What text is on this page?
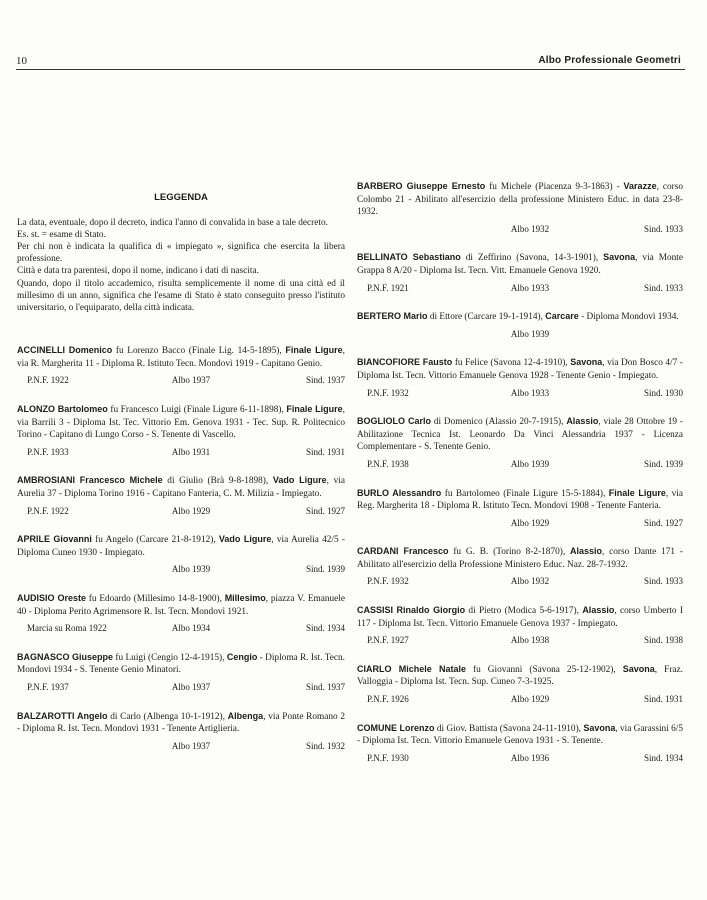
10	Albo Professionale Geometri
LEGGENDA
La data, eventuale, dopo il decreto, indica l'anno di convalida in base a tale decreto.
Es. st. = esame di Stato.
Per chi non è indicata la qualifica di « impiegato », significa che esercita la libera professione.
Città e data tra parentesi, dopo il nome, indicano i dati di nascita.
Quando, dopo il titolo accademico, risulta semplicemente il nome di una città ed il millesimo di un anno, significa che l'esame di Stato è stato conseguito presso l'istituto universitario, o l'equiparato, della città indicata.

ACCINELLI Domenico fu Lorenzo Bacco (Finale Lig. 14-5-1895), Finale Ligure, via R. Margherita 11 - Diploma R. Istituto Tecn. Mondovì 1919 - Capitano Genio.

P.N.F. 1922	Albo 1937	Sind. 1937

ALONZO Bartolomeo fu Francesco Luigi (Finale Ligure 6-11-1898), Finale Ligure, via Barrili 3 - Diploma Ist. Tec. Vittorio Em. Genova 1931 - Tec. Sup. R. Politecnico Torino - Capitano di Lungo Corso - S. Tenente di Vascello.

P.N.F. 1933	Albo 1931	Sind. 1931

AMBROSIANI Francesco Michele di Giulio (Brà 9-8-1898), Vado Ligure, via Aurelia 37 - Diploma Torino 1916 - Capitano Fanteria, C. M. Milizia - Impiegato.

P.N.F. 1922	Albo 1929	Sind. 1927

APRILE Giovanni fu Angelo (Carcare 21-8-1912), Vado Ligure, via Aurelia 42/5 - Diploma Cuneo 1930 - Impiegato.

Albo 1939	Sind. 1939

AUDISIO Oreste fu Edoardo (Millesimo 14-8-1900), Millesimo, piazza V. Emanuele 40 - Diploma Perito Agrimensore R. Ist. Tecn. Mondovì 1921.

Marcia su Roma 1922	Albo 1934	Sind. 1934

BAGNASCO Giuseppe fu Luigi (Cengio 12-4-1915), Cengio - Diploma R. Ist. Tecn. Mondovì 1934 - S. Tenente Genio Minatori.

P.N.F. 1937	Albo 1937	Sind. 1937

BALZAROTTI Angelo di Carlo (Albenga 10-1-1912), Albenga, via Ponte Romano 2 - Diploma R. Ist. Tecn. Mondovì 1931 - Tenente Artiglieria.

Albo 1937	Sind. 1932

BARBERO Giuseppe Ernesto fu Michele (Piacenza 9-3-1863) - Varazze, corso Colombo 21 - Abilitato all'esercizio della professione Ministero Educ. in data 23-8-1932.

Albo 1932	Sind. 1933

BELLINATO Sebastiano di Zeffirino (Savona, 14-3-1901), Savona, via Monte Grappa 8 A/20 - Diploma Ist. Tecn. Vitt. Emanuele Genova 1920.

P.N.F. 1921	Albo 1933	Sind. 1933

BERTERO Mario di Ettore (Carcare 19-1-1914), Carcare - Diploma Mondovì 1934.

Albo 1939

BIANCOFIORE Fausto fu Felice (Savona 12-4-1910), Savona, via Don Bosco 4/7 - Diploma Ist. Tecn. Vittorio Emanuele Genova 1928 - Tenente Genio - Impiegato.

P.N.F. 1932	Albo 1933	Sind. 1930

BOGLIOLO Carlo di Domenico (Alassio 20-7-1915), Alassio, viale 28 Ottobre 19 - Abilitazione Tecnica Ist. Leonardo Da Vinci Alessandria 1937 - Licenza Complementare - S. Tenente Genio.

P.N.F. 1938	Albo 1939	Sind. 1939

BURLO Alessandro fu Bartolomeo (Finale Ligure 15-5-1884), Finale Ligure, via Reg. Margherita 18 - Diploma R. Istituto Tecn. Mondovì 1908 - Tenente Fanteria.

Albo 1929	Sind. 1927

CARDANI Francesco fu G. B. (Torino 8-2-1870), Alassio, corso Dante 171 - Abilitato all'esercizio della Professione Ministero Educ. Naz. 28-7-1932.

P.N.F. 1932	Albo 1932	Sind. 1933

CASSISI Rinaldo Giorgio di Pietro (Modica 5-6-1917), Alassio, corso Umberto I 117 - Diploma Ist. Tecn. Vittorio Emanuele Genova 1937 - Impiegato.

P.N.F. 1927	Albo 1938	Sind. 1938

CIARLO Michele Natale fu Giovanni (Savona 25-12-1902), Savona, Fraz. Valloggia - Diploma Ist. Tecn. Sup. Cuneo 7-3-1925.

P.N.F. 1926	Albo 1929	Sind. 1931

COMUNE Lorenzo di Giov. Battista (Savona 24-11-1910), Savona, via Garassini 6/5 - Diploma Ist. Tecn. Vittorio Emanuele Genova 1931 - S. Tenente.

P.N.F. 1930	Albo 1936	Sind. 1934
